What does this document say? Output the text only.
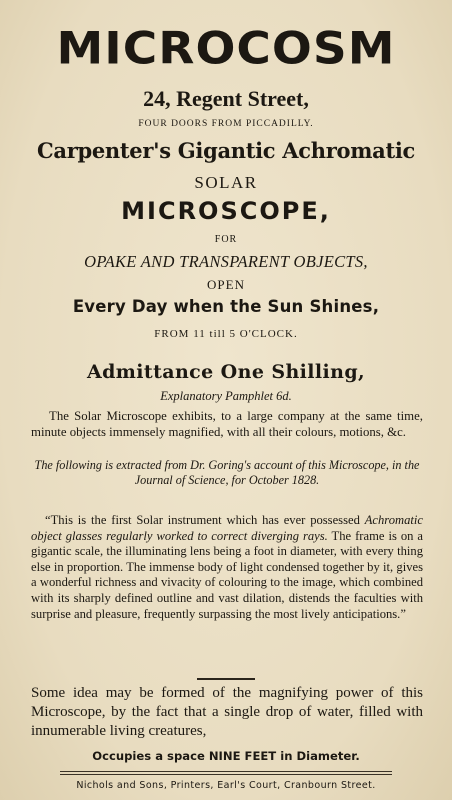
MICROCOSM
24, Regent Street,
FOUR DOORS FROM PICCADILLY.
Carpenter's Gigantic Achromatic
SOLAR
MICROSCOPE,
FOR
OPAKE AND TRANSPARENT OBJECTS,
OPEN
Every Day when the Sun Shines,
FROM 11 till 5 O'CLOCK.
Admittance One Shilling,
Explanatory Pamphlet 6d.
The Solar Microscope exhibits, to a large company at the same time, minute objects immensely magnified, with all their colours, motions, &c.
The following is extracted from Dr. Goring's account of this Microscope, in the Journal of Science, for October 1828.
“This is the first Solar instrument which has ever possessed Achromatic object glasses regularly worked to correct diverging rays. The frame is on a gigantic scale, the illuminating lens being a foot in diameter, with every thing else in proportion. The immense body of light condensed together by it, gives a wonderful richness and vivacity of colouring to the image, which combined with its sharply defined outline and vast dilation, distends the faculties with surprise and pleasure, frequently surpassing the most lively anticipations.”
Some idea may be formed of the magnifying power of this Microscope, by the fact that a single drop of water, filled with innumerable living creatures,
Occupies a space NINE FEET in Diameter.
Nichols and Sons, Printers, Earl's Court, Cranbourn Street.
